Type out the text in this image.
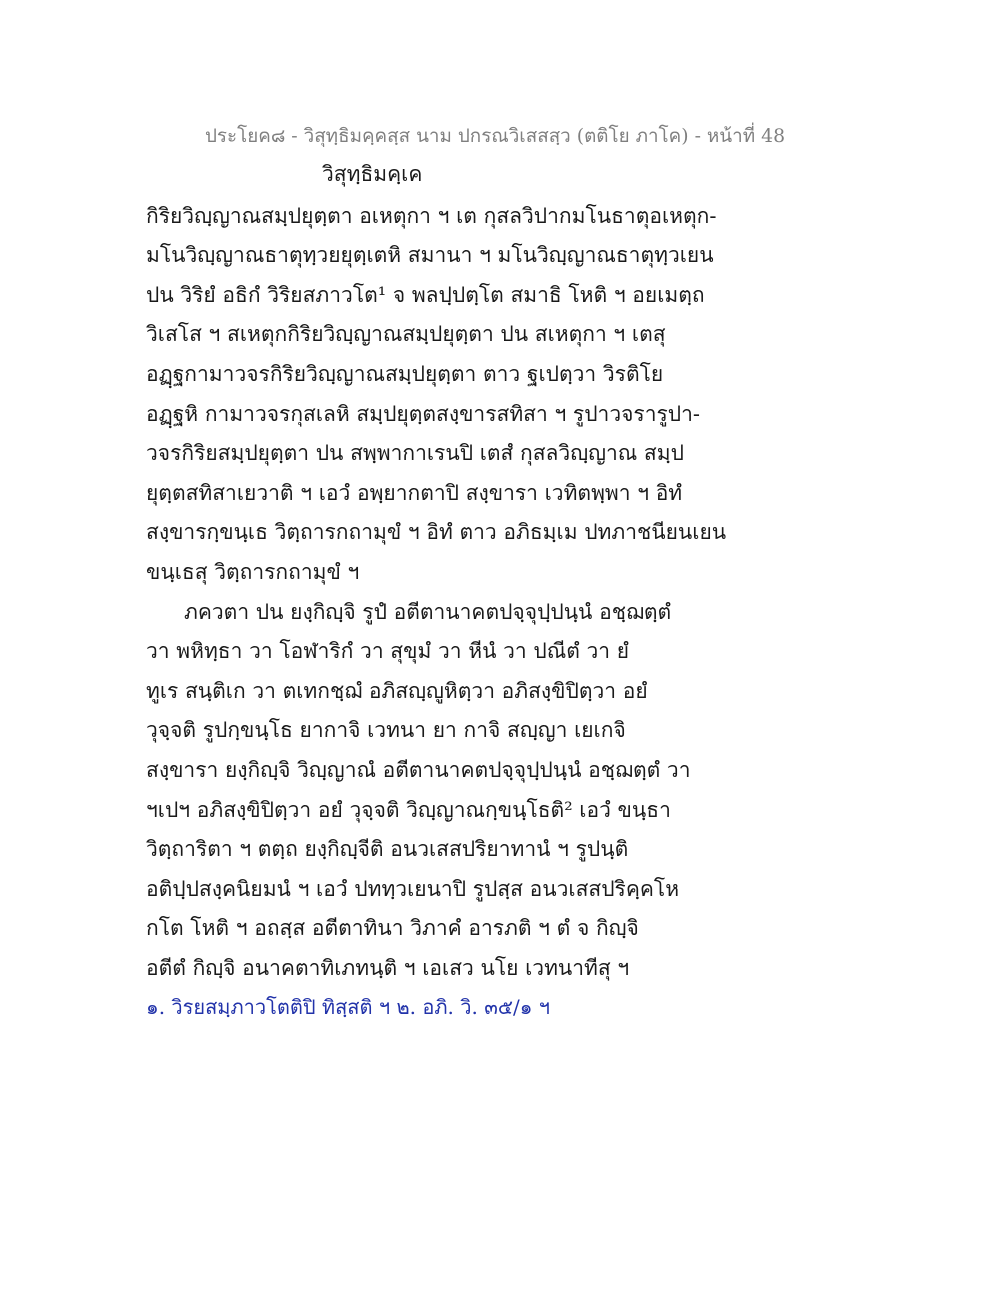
ประโยค๘ - วิสุทฺธิมคฺคสฺส นาม ปกรณวิเสสสฺว (ตติโย ภาโค) - หน้าที่ 48
วิสุทฺธิมคฺเค
กิริยวิญฺญาณสมฺปยุตฺตา อเหตุกา ฯ เต กุสลวิปากมโนธาตุอเหตุก-
มโนวิญฺญาณธาตุทฺวยยุตฺเตหิ สมานา ฯ มโนวิญฺญาณธาตุทฺวเยน
ปน วิริยํ อธิกํ วิริยสภาวโต¹ จ พลปฺปตฺโต สมาธิ โหติ ฯ อยเมตฺถ
วิเสโส ฯ สเหตุกกิริยวิญฺญาณสมฺปยุตฺตา ปน สเหตุกา ฯ เตสุ
อฏฺฐกามาวจรกิริยวิญฺญาณสมฺปยุตฺตา ตาว ฐเปตฺวา วิรติโย
อฏฺฐหิ กามาวจรกุสเลหิ สมฺปยุตฺตสงฺขารสทิสา ฯ รูปาวจรารูปา-
วจรกิริยสมฺปยุตฺตา ปน สพฺพากาเรนปิ เตสํ กุสลวิญฺญาณ สมฺป
ยุตฺตสทิสาเยวาติ ฯ เอวํ อพฺยากตาปิ สงฺขารา เวทิตพฺพา ฯ อิทํ
สงฺขารกฺขนฺเธ วิตฺถารกถามุขํ ฯ อิทํ ตาว อภิธมฺเม ปทภาชนียนเยน
ขนฺเธสุ วิตฺถารกถามุขํ ฯ
ภควตา ปน ยงฺกิญฺจิ รูปํ อตีตานาคตปจฺจุปฺปนฺนํ อชฺฌตฺตํ
วา พหิทฺธา วา โอฬาริกํ วา สุขุมํ วา หีนํ วา ปณีตํ วา ยํ
ทูเร สนฺติเก วา ตเทกชฺฌํ อภิสญฺญูหิตฺวา อภิสงฺขิปิตฺวา อยํ
วุจฺจติ รูปกฺขนฺโธ ยากาจิ เวทนา ยา กาจิ สญฺญา เยเกจิ
สงฺขารา ยงฺกิญฺจิ วิญฺญาณํ อตีตานาคตปจฺจุปฺปนฺนํ อชฺฌตฺตํ วา
ฯเปฯ อภิสงฺขิปิตฺวา อยํ วุจฺจติ วิญฺญาณกฺขนฺโธติ² เอวํ ขนฺธา
วิตฺถาริตา ฯ ตตฺถ ยงฺกิญฺจีติ อนวเสสปริยาทานํ ฯ รูปนฺติ
อติปฺปสงฺคนิยมนํ ฯ เอวํ ปททฺวเยนาปิ รูปสฺส อนวเสสปริคฺคโห
กโต โหติ ฯ อถสฺส อตีตาทินา วิภาคํ อารภติ ฯ ตํ จ กิญฺจิ
อตีตํ กิญฺจิ อนาคตาทิเภทนฺติ ฯ เอเสว นโย เวทนาทีสุ ฯ
๑. วิรยสมฺภาวโตติปิ ทิสฺสติ ฯ ๒. อภิ. วิ. ๓๕/๑ ฯ
